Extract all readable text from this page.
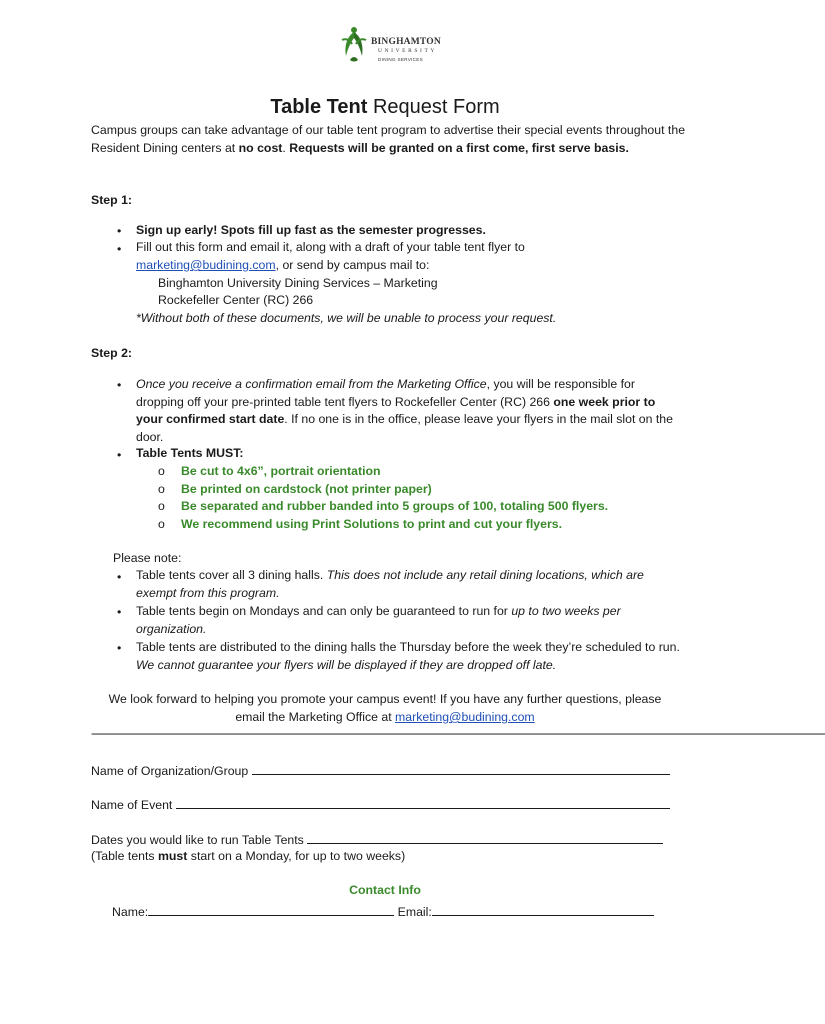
BINGHAMTON
UNIVERSITY
DINING SERVICES
Table Tent Request Form
Campus groups can take advantage of our table tent program to advertise their special events throughout the Resident Dining centers at no cost. Requests will be granted on a first come, first serve basis.
Step 1:
• Sign up early! Spots fill up fast as the semester progresses.
• Fill out this form and email it, along with a draft of your table tent flyer to
marketing@budining.com, or send by campus mail to:
Binghamton University Dining Services – Marketing
Rockefeller Center (RC) 266
*Without both of these documents, we will be unable to process your request.
Step 2:
• Once you receive a confirmation email from the Marketing Office, you will be responsible for dropping off your pre-printed table tent flyers to Rockefeller Center (RC) 266 one week prior to your confirmed start date. If no one is in the office, please leave your flyers in the mail slot on the door.
• Table Tents MUST:
o Be cut to 4x6”, portrait orientation
o Be printed on cardstock (not printer paper)
o Be separated and rubber banded into 5 groups of 100, totaling 500 flyers.
o We recommend using Print Solutions to print and cut your flyers.
Please note:
• Table tents cover all 3 dining halls. This does not include any retail dining locations, which are exempt from this program.
• Table tents begin on Mondays and can only be guaranteed to run for up to two weeks per organization.
• Table tents are distributed to the dining halls the Thursday before the week they’re scheduled to run. We cannot guarantee your flyers will be displayed if they are dropped off late.
We look forward to helping you promote your campus event! If you have any further questions, please
email the Marketing Office at marketing@budining.com
------------------------------------------------------------------------------------------------------------------------------------------------------------------------------------------------------------------------------------------------------------------------------------------------------
Name of Organization/Group
Name of Event
Dates you would like to run Table Tents
(Table tents must start on a Monday, for up to two weeks)
Contact Info
Name:	Email:
